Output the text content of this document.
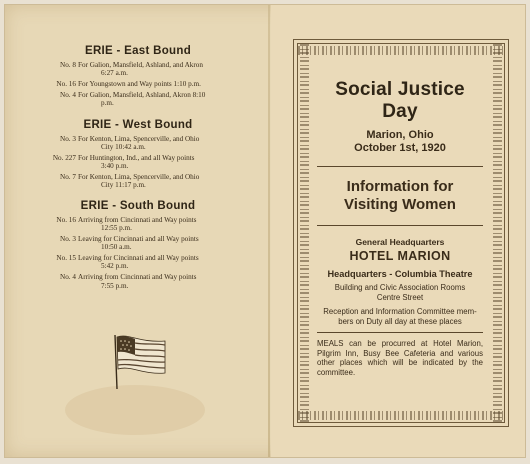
ERIE - East Bound
No. 8 For Galion, Mansfield, Ashland, and Akron
6:27 a.m.
No. 16 For Youngstown and Way points 1:10 p.m.
No. 4 For Galion, Mansfield, Ashland, Akron 8:10
p.m.
ERIE - West Bound
No. 3 For Kenton, Lima, Spencerville, and Ohio
City 10:42 a.m.
No. 227 For Huntington, Ind., and all Way points
3:40 p.m.
No. 7 For Kenton, Lima, Spencerville, and Ohio
City 11:17 p.m.
ERIE - South Bound
No. 16 Arriving from Cincinnati and Way points
12:55 p.m.
No. 3 Leaving for Cincinnati and all Way points
10:50 a.m.
No. 15 Leaving for Cincinnati and all Way points
5:42 p.m.
No. 4 Arriving from Cincinnati and Way points
7:55 p.m.
Social Justice Day
Marion, Ohio
October 1st, 1920
Information for
Visiting Women
General Headquarters
HOTEL MARION
Headquarters - Columbia Theatre
Building and Civic Association Rooms
Centre Street
Reception and Information Committee mem-
bers on Duty all day at these places
MEALS can be procurred at Hotel Marion, Pilgrim Inn, Busy Bee Cafeteria and various other places which will be indicated by the committee.
